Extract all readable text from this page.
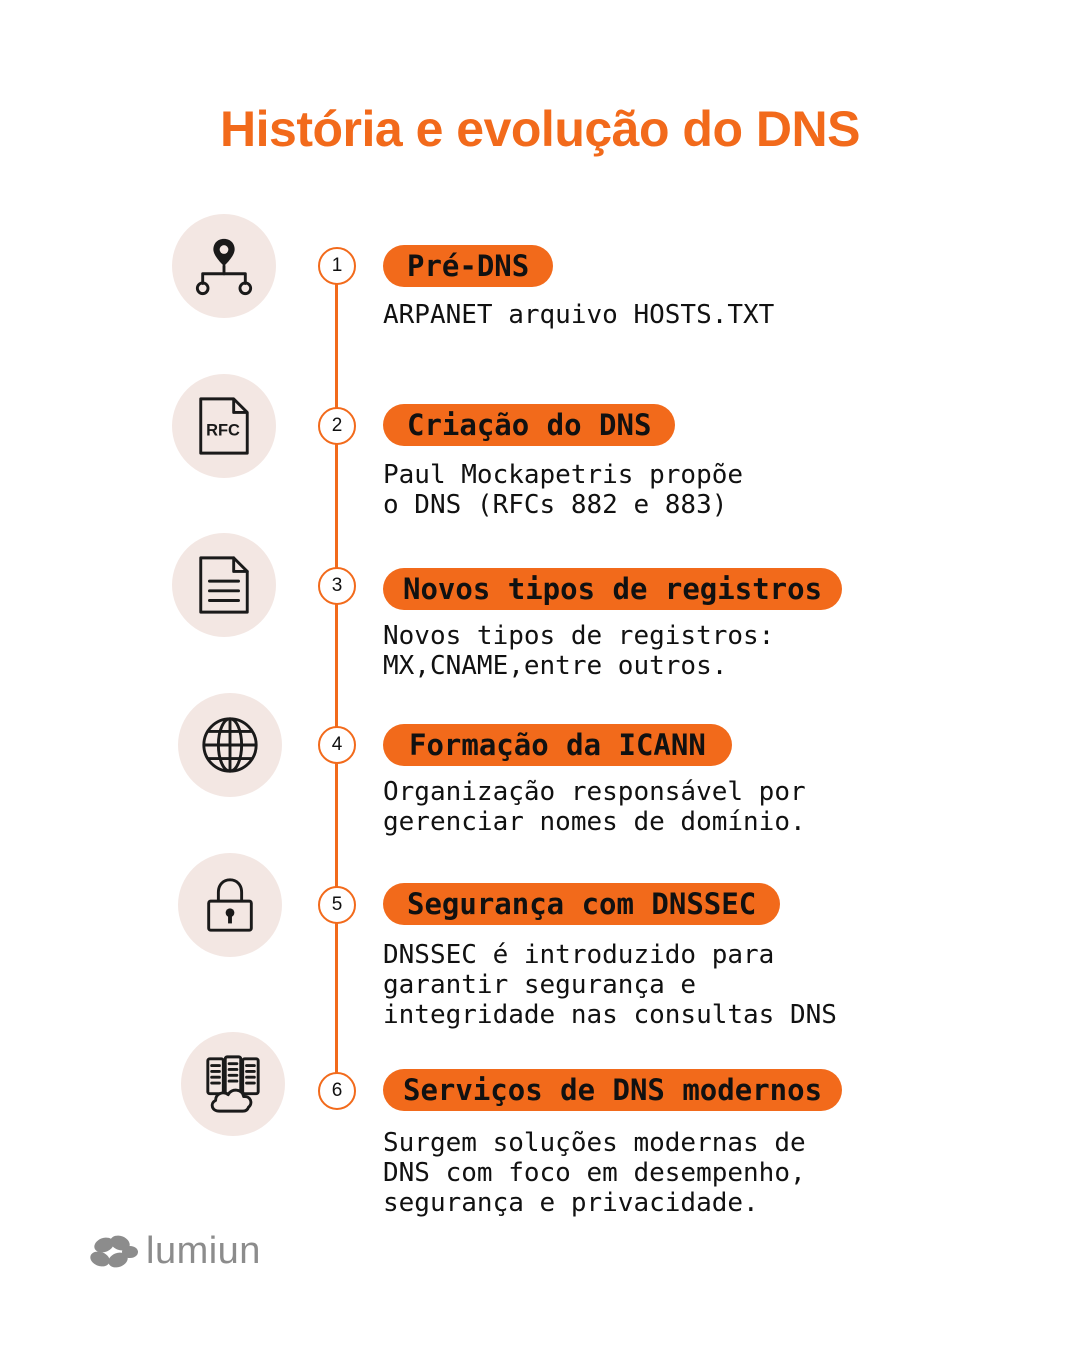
História e evolução do DNS
RFC
1
2
3
4
5
6
Pré-DNS
Criação do DNS
Novos tipos de registros
Formação da ICANN
Segurança com DNSSEC
Serviços de DNS modernos
ARPANET arquivo HOSTS.TXT
Paul Mockapetris propõe
o DNS (RFCs 882 e 883)
Novos tipos de registros:
MX,CNAME,entre outros.
Organização responsável por
gerenciar nomes de domínio.
DNSSEC é introduzido para
garantir segurança e
integridade nas consultas DNS
Surgem soluções modernas de
DNS com foco em desempenho,
segurança e privacidade.
lumiun
